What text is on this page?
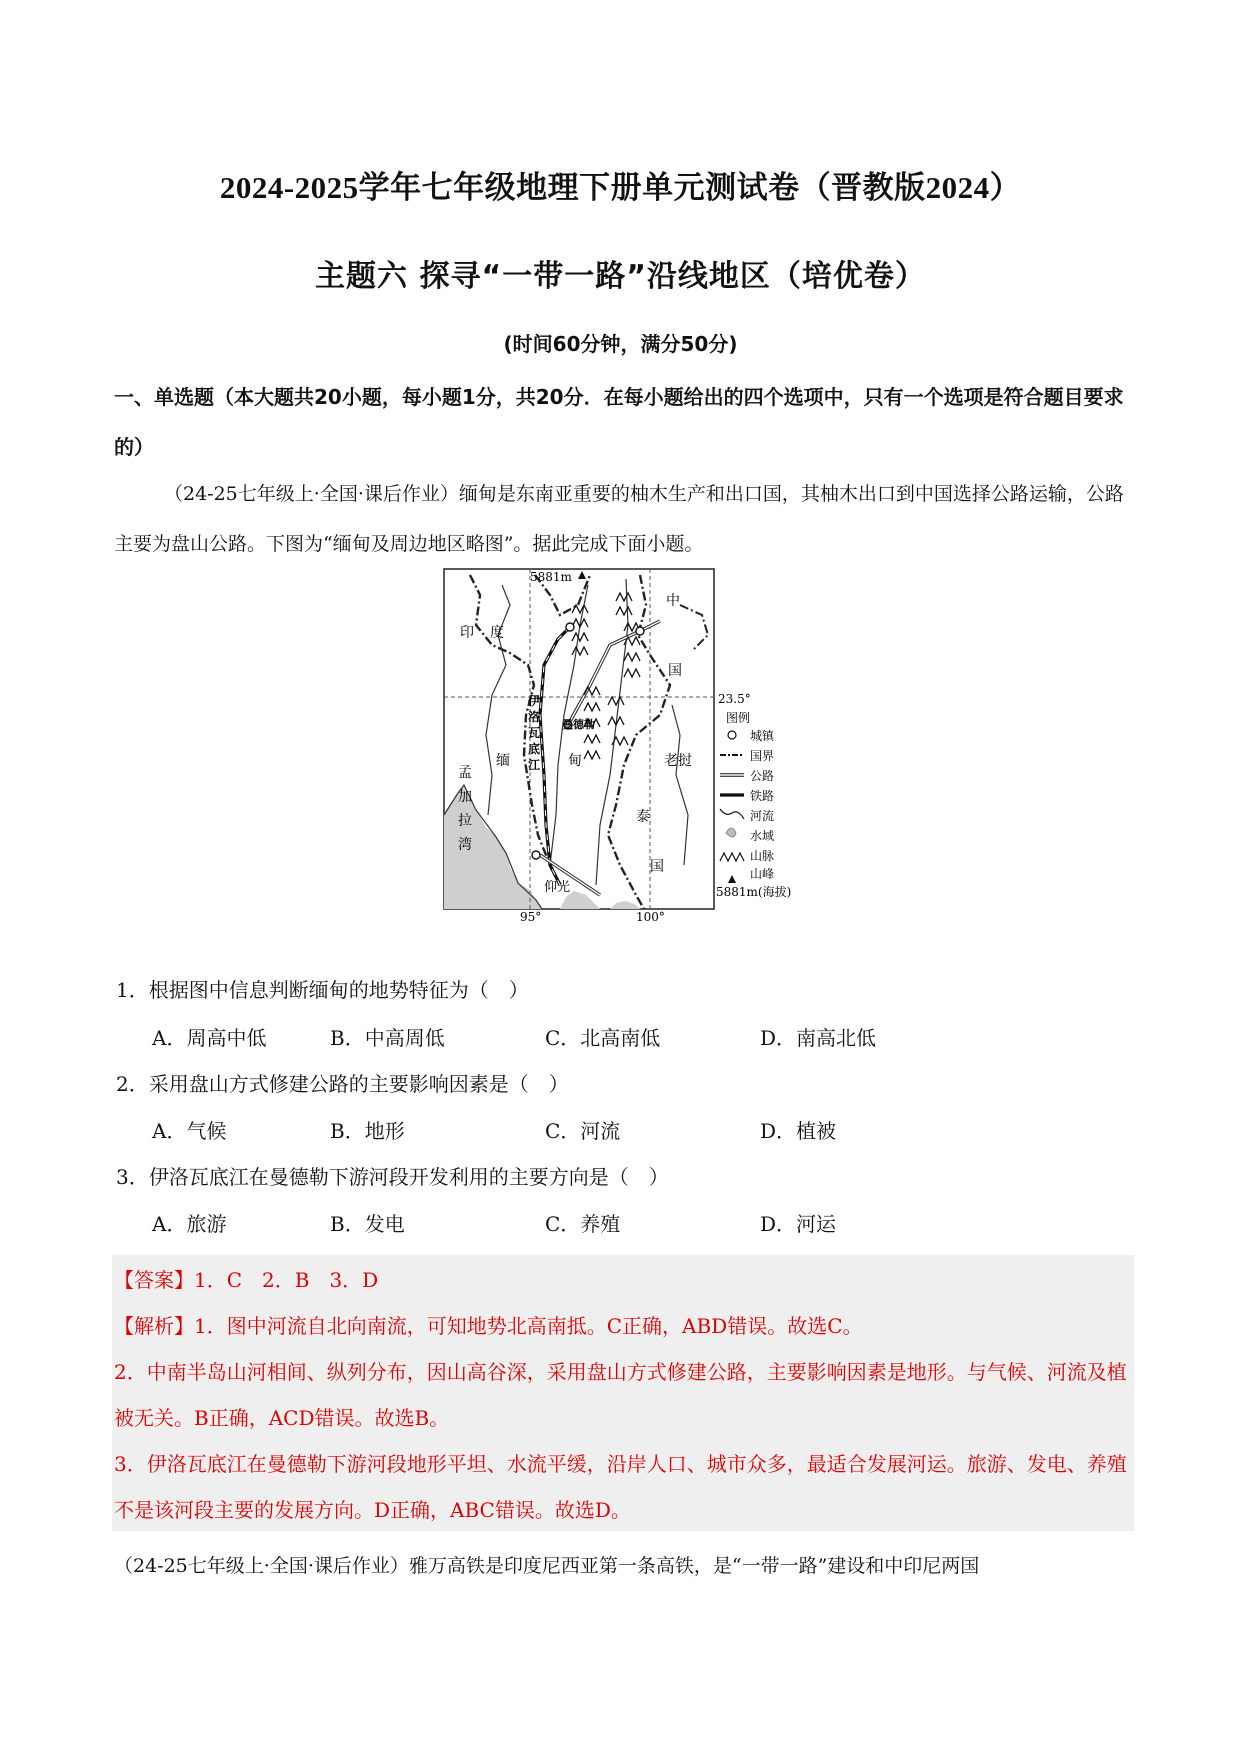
2024-2025学年七年级地理下册单元测试卷（晋教版2024）
主题六 探寻“一带一路”沿线地区（培优卷）
(时间60分钟，满分50分)
一、单选题（本大题共20小题，每小题1分，共20分．在每小题给出的四个选项中，只有一个选项是符合题目要求的）
（24-25七年级上·全国·课后作业）缅甸是东南亚重要的柚木生产和出口国，其柚木出口到中国选择公路运输，公路主要为盘山公路。下图为“缅甸及周边地区略图”。据此完成下面小题。
5881m
印 度
中
国
缅	甸	老挝
泰
国
曼德勒
仰光
伊洛瓦底江
孟加拉湾
23.5°
95°	100°
图例
城镇
国界
公路
铁路
河流
水域
山脉
山峰
5881m(海拔)
1．根据图中信息判断缅甸的地势特征为（　）
A．周高中低	B．中高周低	C．北高南低	D．南高北低
2．采用盘山方式修建公路的主要影响因素是（　）
A．气候	B．地形	C．河流	D．植被
3．伊洛瓦底江在曼德勒下游河段开发利用的主要方向是（　）
A．旅游	B．发电	C．养殖	D．河运
【答案】1．C　2．B　3．D
【解析】1．图中河流自北向南流，可知地势北高南抵。C正确，ABD错误。故选C。
2．中南半岛山河相间、纵列分布，因山高谷深，采用盘山方式修建公路，主要影响因素是地形。与气候、河流及植被无关。B正确，ACD错误。故选B。
3．伊洛瓦底江在曼德勒下游河段地形平坦、水流平缓，沿岸人口、城市众多，最适合发展河运。旅游、发电、养殖不是该河段主要的发展方向。D正确，ABC错误。故选D。
（24-25七年级上·全国·课后作业）雅万高铁是印度尼西亚第一条高铁，是“一带一路”建设和中印尼两国
